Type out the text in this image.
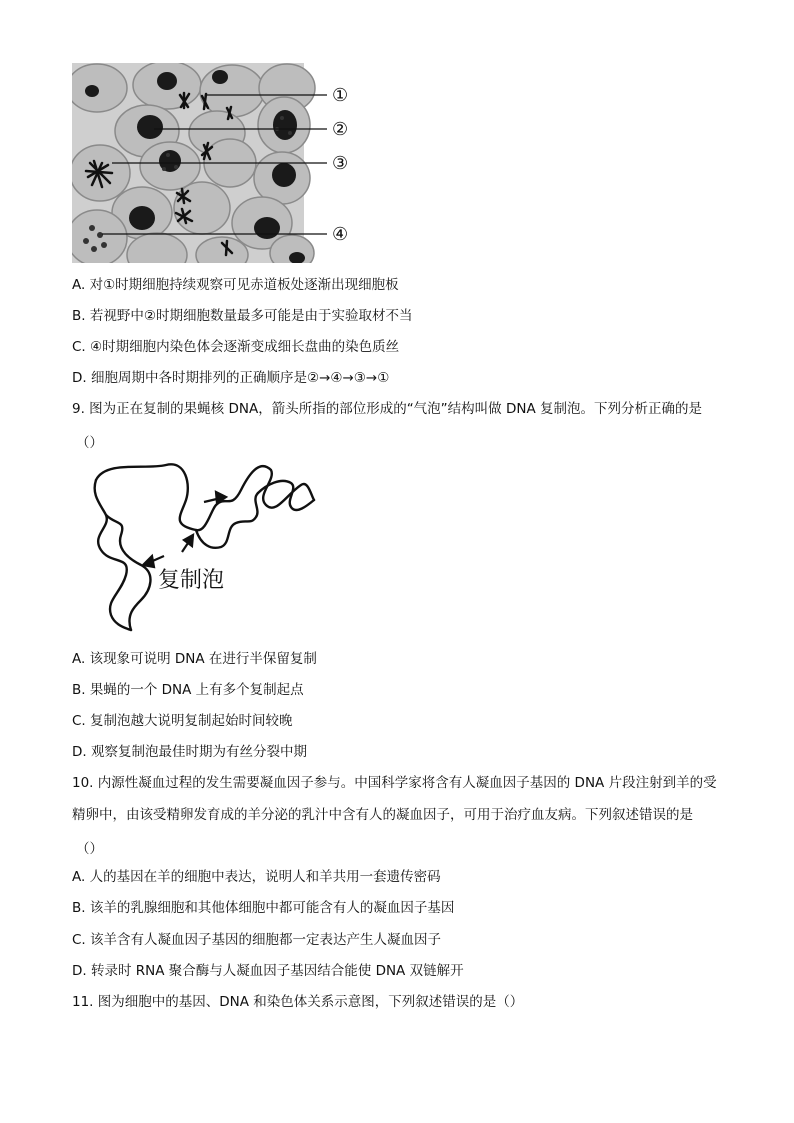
①
②
③
④
A. 对①时期细胞持续观察可见赤道板处逐渐出现细胞板
B. 若视野中②时期细胞数量最多可能是由于实验取材不当
C. ④时期细胞内染色体会逐渐变成细长盘曲的染色质丝
D. 细胞周期中各时期排列的正确顺序是②→④→③→①
9. 图为正在复制的果蝇核 DNA，箭头所指的部位形成的“气泡”结构叫做 DNA 复制泡。下列分析正确的是
（）
复制泡
A. 该现象可说明 DNA 在进行半保留复制
B. 果蝇的一个 DNA 上有多个复制起点
C. 复制泡越大说明复制起始时间较晚
D. 观察复制泡最佳时期为有丝分裂中期
10. 内源性凝血过程的发生需要凝血因子参与。中国科学家将含有人凝血因子基因的 DNA 片段注射到羊的受
精卵中，由该受精卵发育成的羊分泌的乳汁中含有人的凝血因子，可用于治疗血友病。下列叙述错误的是
（）
A. 人的基因在羊的细胞中表达，说明人和羊共用一套遗传密码
B. 该羊的乳腺细胞和其他体细胞中都可能含有人的凝血因子基因
C. 该羊含有人凝血因子基因的细胞都一定表达产生人凝血因子
D. 转录时 RNA 聚合酶与人凝血因子基因结合能使 DNA 双链解开
11. 图为细胞中的基因、DNA 和染色体关系示意图，下列叙述错误的是（）
